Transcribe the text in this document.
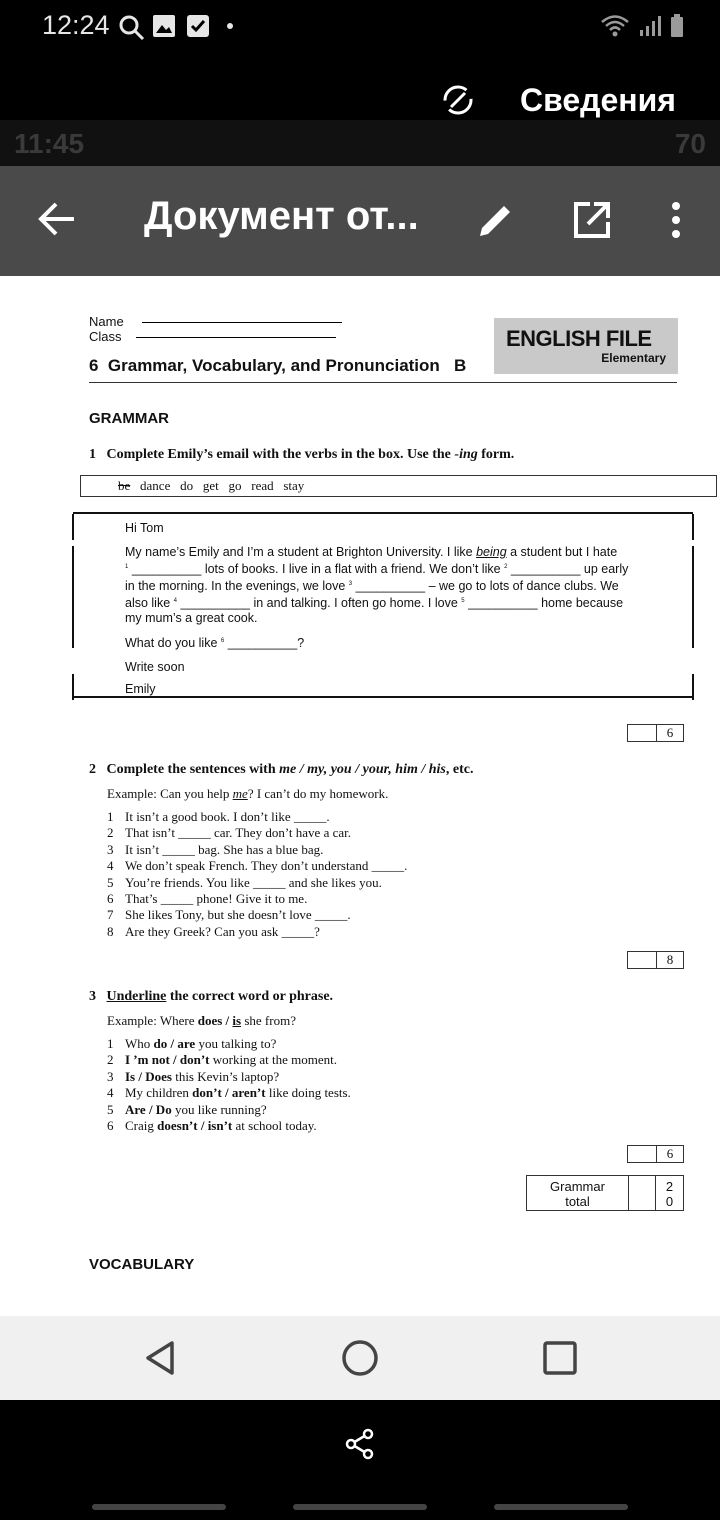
12:24
Сведения
11:45	70
Документ от...
Name
Class	ENGLISH FILE
Elementary
6  Grammar, Vocabulary, and Pronunciation   B
GRAMMAR
1 Complete Emily’s email with the verbs in the box. Use the -ing form.
be dance do get go read stay
Hi Tom
My name’s Emily and I’m a student at Brighton University. I like being a student but I hate
$^1$ __________ lots of books. I live in a flat with a friend. We don’t like $^2$ __________ up early
in the morning. In the evenings, we love $^3$ __________ – we go to lots of dance clubs. We
also like $^4$ __________ in and talking. I often go home. I love $^5$ __________ home because
my mum’s a great cook.
What do you like $^6$ __________?
Write soon
Emily
6
2 Complete the sentences with me / my, you / your, him / his, etc.
Example: Can you help me? I can’t do my homework.
1 It isn’t a good book. I don’t like _____.
2 That isn’t _____ car. They don’t have a car.
3 It isn’t _____ bag. She has a blue bag.
4 We don’t speak French. They don’t understand _____.
5 You’re friends. You like _____ and she likes you.
6 That’s _____ phone! Give it to me.
7 She likes Tony, but she doesn’t love _____.
8 Are they Greek? Can you ask _____?
8
3 Underline the correct word or phrase.
Example: Where does / is she from?
1 Who do / are you talking to?
2 I ’m not / don’t working at the moment.
3 Is / Does this Kevin’s laptop?
4 My children don’t / aren’t like doing tests.
5 Are / Do you like running?
6 Craig doesn’t / isn’t at school today.
6
Grammar
total
2
0
VOCABULARY
